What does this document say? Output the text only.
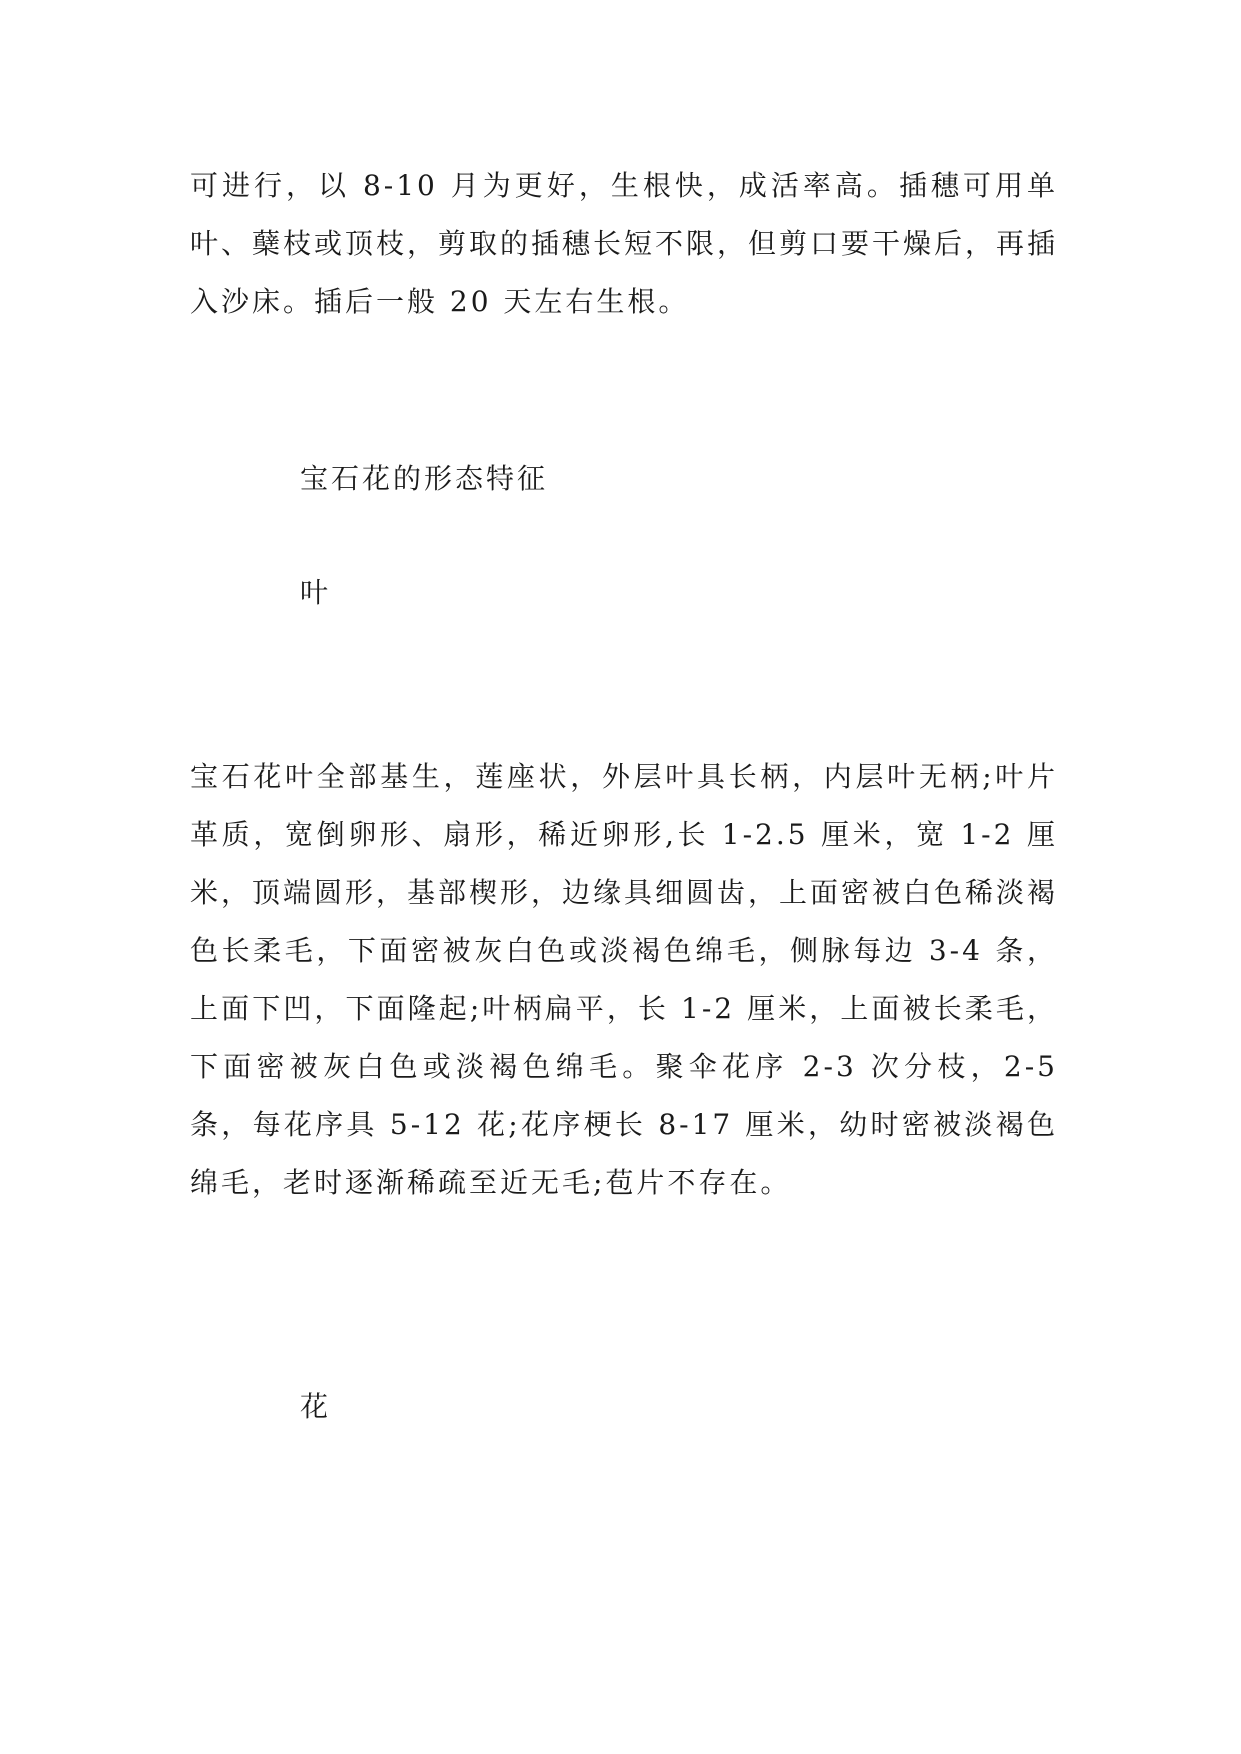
可进行，以 8-10 月为更好，生根快，成活率高。插穗可用单叶、蘖枝或顶枝，剪取的插穗长短不限，但剪口要干燥后，再插入沙床。插后一般 20 天左右生根。

宝石花的形态特征
叶

宝石花叶全部基生，莲座状，外层叶具长柄，内层叶无柄;叶片革质，宽倒卵形、扇形，稀近卵形,长 1-2.5 厘米，宽 1-2 厘米，顶端圆形，基部楔形，边缘具细圆齿，上面密被白色稀淡褐色长柔毛，下面密被灰白色或淡褐色绵毛，侧脉每边 3-4 条，上面下凹，下面隆起;叶柄扁平，长 1-2 厘米，上面被长柔毛，下面密被灰白色或淡褐色绵毛。聚伞花序 2-3 次分枝，2-5 条，每花序具 5-12 花;花序梗长 8-17 厘米，幼时密被淡褐色绵毛，老时逐渐稀疏至近无毛;苞片不存在。

花
